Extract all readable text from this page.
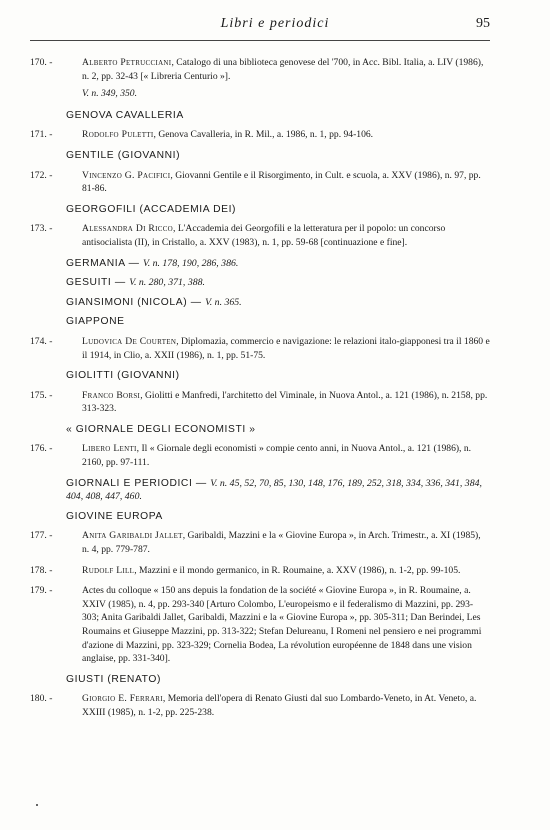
Libri e periodici	95
170. -	Alberto Petrucciani, Catalogo di una biblioteca genovese del '700, in Acc. Bibl. Italia, a. LIV (1986), n. 2, pp. 32-43 [« Libreria Centurio »].
V. n. 349, 350.
GENOVA CAVALLERIA
171. -	Rodolfo Puletti, Genova Cavalleria, in R. Mil., a. 1986, n. 1, pp. 94-106.
GENTILE (GIOVANNI)
172. -	Vincenzo G. Pacifici, Giovanni Gentile e il Risorgimento, in Cult. e scuola, a. XXV (1986), n. 97, pp. 81-86.
GEORGOFILI (ACCADEMIA DEI)
173. -	Alessandra Di Ricco, L'Accademia dei Georgofili e la letteratura per il popolo: un concorso antisocialista (II), in Cristallo, a. XXV (1983), n. 1, pp. 59-68 [continuazione e fine].
GERMANIA — V. n. 178, 190, 286, 386.
GESUITI — V. n. 280, 371, 388.
GIANSIMONI (NICOLA) — V. n. 365.
GIAPPONE
174. -	Ludovica De Courten, Diplomazia, commercio e navigazione: le relazioni italo-giapponesi tra il 1860 e il 1914, in Clio, a. XXII (1986), n. 1, pp. 51-75.
GIOLITTI (GIOVANNI)
175. -	Franco Borsi, Giolitti e Manfredi, l'architetto del Viminale, in Nuova Antol., a. 121 (1986), n. 2158, pp. 313-323.
« GIORNALE DEGLI ECONOMISTI »
176. -	Libero Lenti, Il « Giornale degli economisti » compie cento anni, in Nuova Antol., a. 121 (1986), n. 2160, pp. 97-111.
GIORNALI E PERIODICI — V. n. 45, 52, 70, 85, 130, 148, 176, 189, 252, 318, 334, 336, 341, 384, 404, 408, 447, 460.
GIOVINE EUROPA
177. -	Anita Garibaldi Jallet, Garibaldi, Mazzini e la « Giovine Europa », in Arch. Trimestr., a. XI (1985), n. 4, pp. 779-787.
178. -	Rudolf Lill, Mazzini e il mondo germanico, in R. Roumaine, a. XXV (1986), n. 1-2, pp. 99-105.
179. -	Actes du colloque « 150 ans depuis la fondation de la société « Giovine Europa », in R. Roumaine, a. XXIV (1985), n. 4, pp. 293-340 [Arturo Colombo, L'europeismo e il federalismo di Mazzini, pp. 293-303; Anita Garibaldi Jallet, Garibaldi, Mazzini e la « Giovine Europa », pp. 305-311; Dan Berindei, Les Roumains et Giuseppe Mazzini, pp. 313-322; Stefan Delureanu, I Romeni nel pensiero e nei programmi d'azione di Mazzini, pp. 323-329; Cornelia Bodea, La révolution européenne de 1848 dans une vision anglaise, pp. 331-340].
GIUSTI (RENATO)
180. -	Giorgio E. Ferrari, Memoria dell'opera di Renato Giusti dal suo Lombardo-Veneto, in At. Veneto, a. XXIII (1985), n. 1-2, pp. 225-238.
